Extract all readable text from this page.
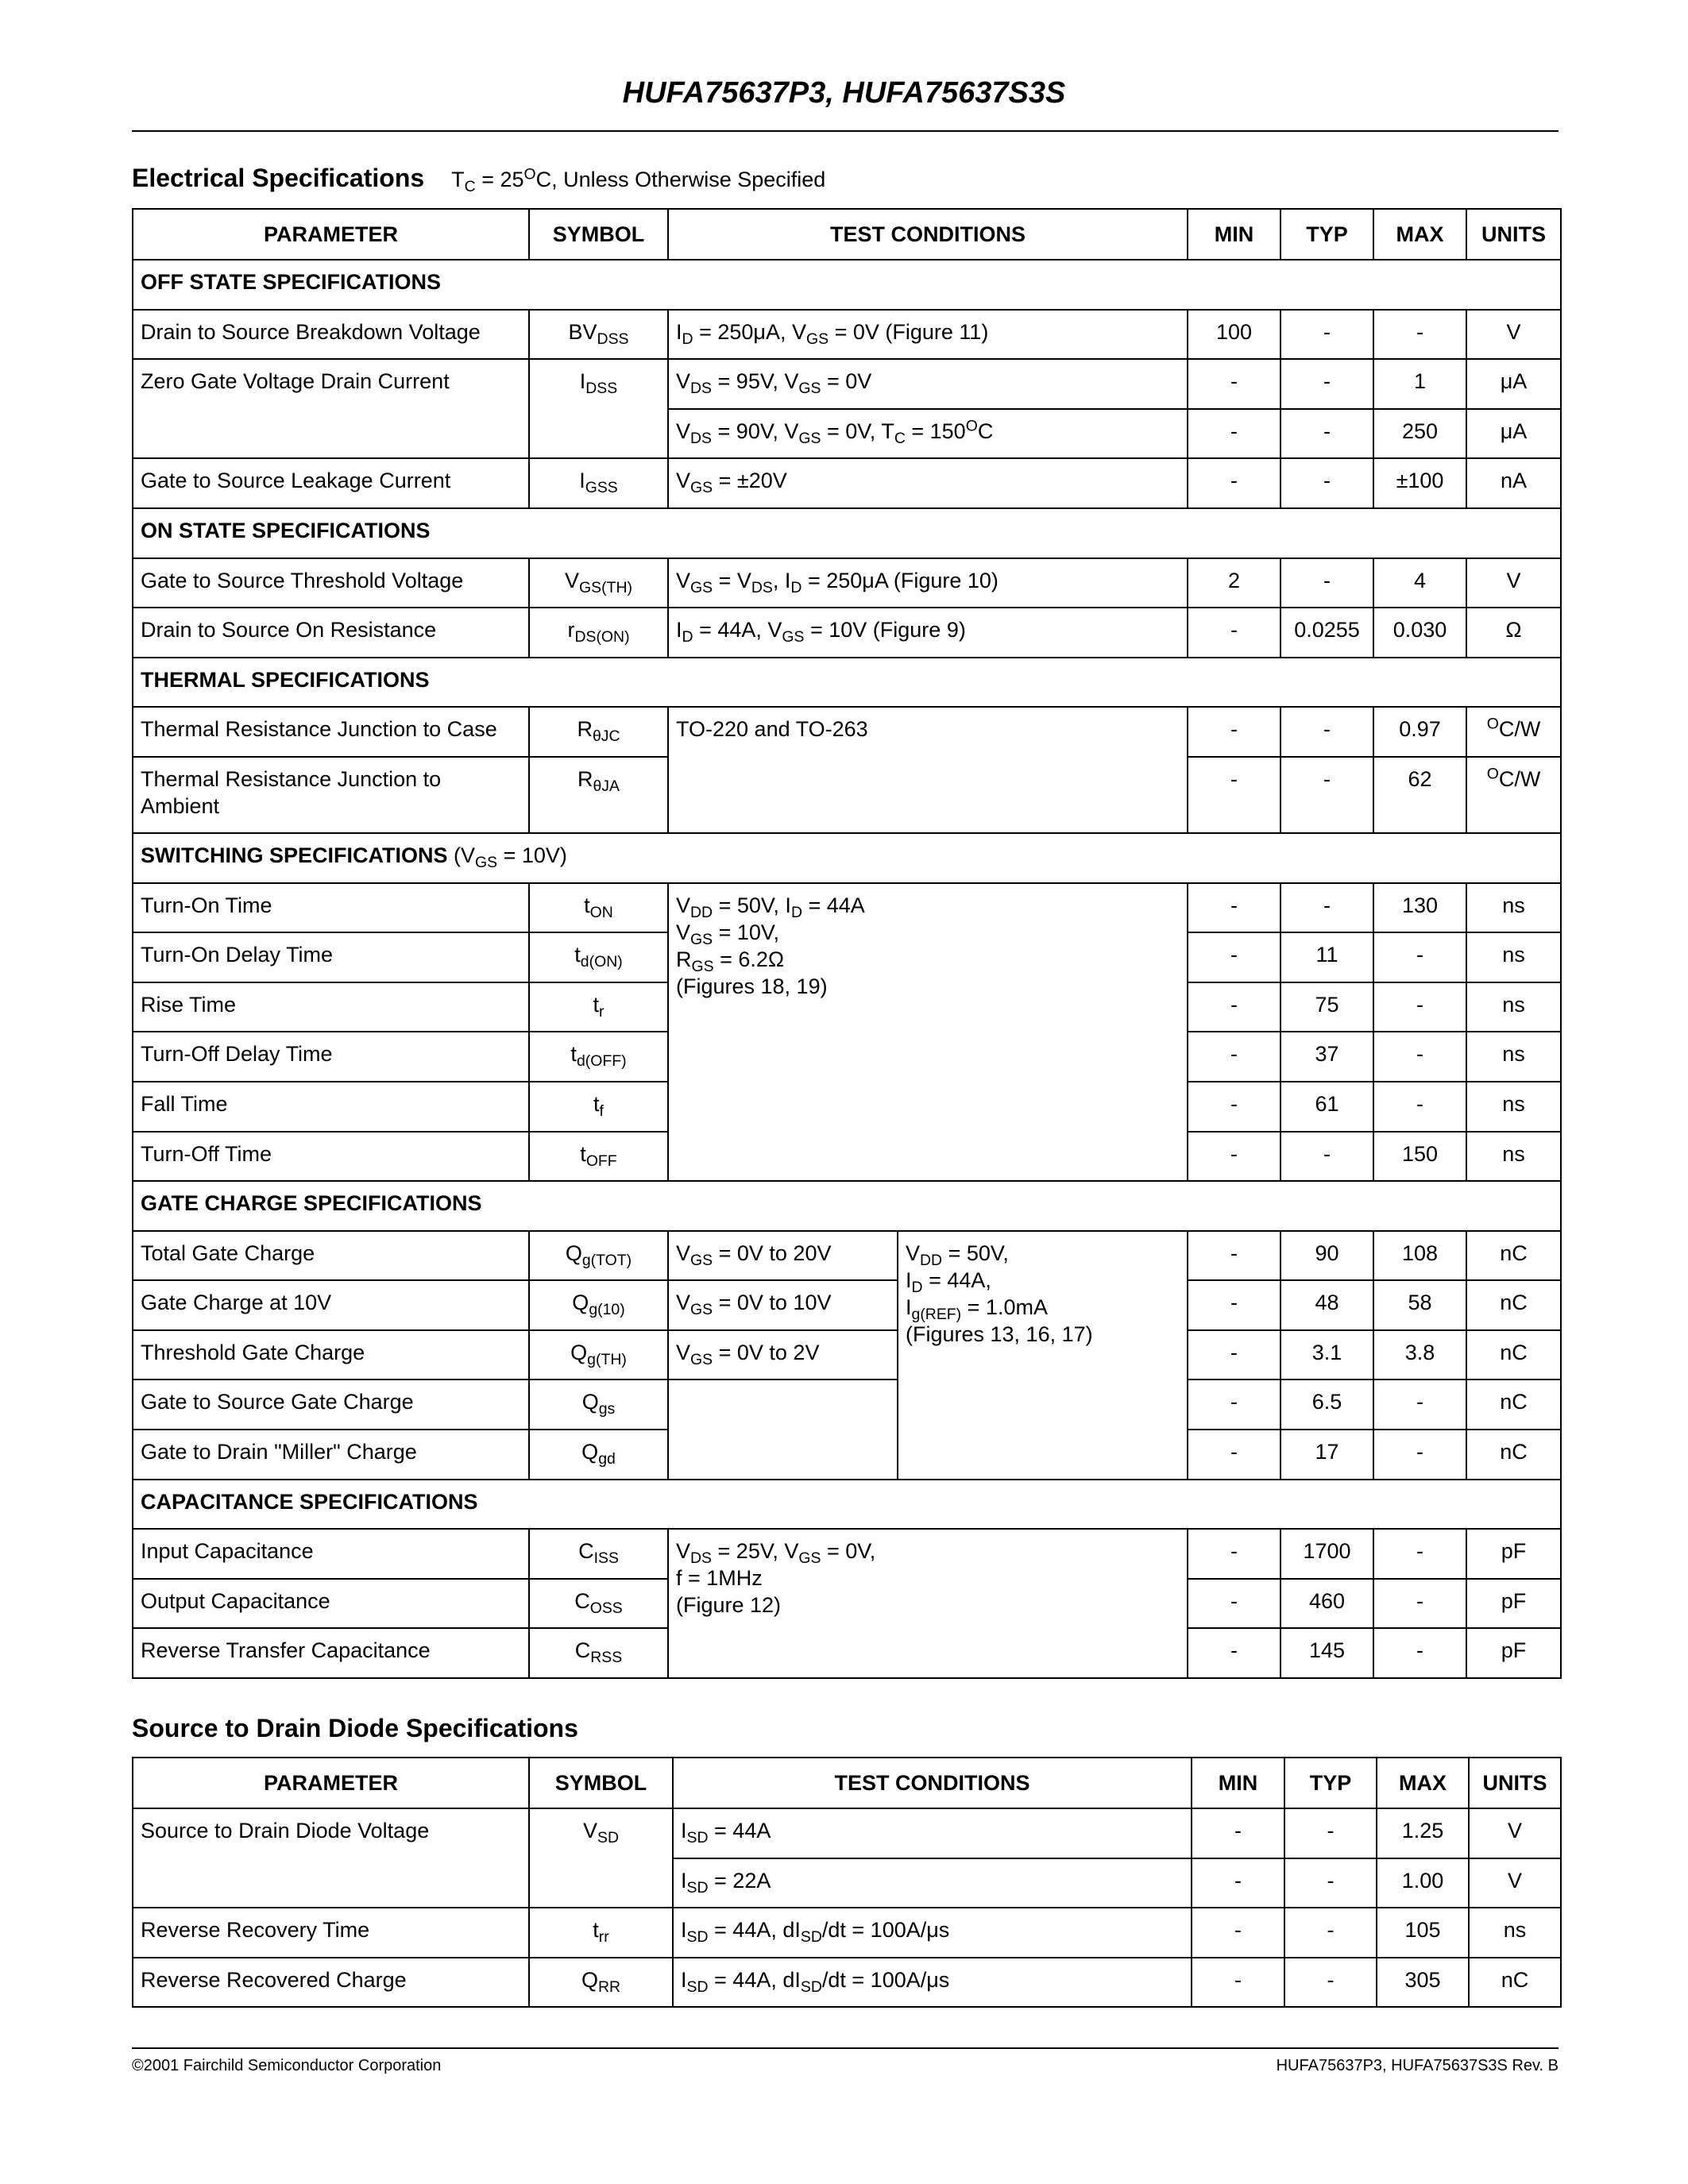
HUFA75637P3, HUFA75637S3S
Electrical Specifications $T_C = 25^OC$, Unless Otherwise Specified
PARAMETER	SYMBOL	TEST CONDITIONS		MIN	TYP	MAX	UNITS
OFF STATE SPECIFICATIONS							
Drain to Source Breakdown Voltage	$BV_{DSS}$	$I_D = 250\mu A$, $V_{GS} = 0V$ (Figure 11)		100	-	-	V
Zero Gate Voltage Drain Current	$I_{DSS}$	$V_{DS} = 95V$, $V_{GS} = 0V$		-	-	1	μA
		$V_{DS} = 90V$, $V_{GS} = 0V$, $T_C = 150^OC$		-	-	250	μA
Gate to Source Leakage Current	$I_{GSS}$	$V_{GS} = \pm 20V$		-	-	±100	nA
ON STATE SPECIFICATIONS							
Gate to Source Threshold Voltage	$V_{GS(TH)}$	$V_{GS} = V_{DS}$, $I_D = 250\mu A$ (Figure 10)		2	-	4	V
Drain to Source On Resistance	$r_{DS(ON)}$	$I_D = 44A$, $V_{GS} = 10V$ (Figure 9)		-	0.0255	0.030	Ω
THERMAL SPECIFICATIONS							
Thermal Resistance Junction to Case	$R_{\theta JC}$	TO-220 and TO-263		-	-	0.97	$^O$C/W
Thermal Resistance Junction to Ambient	$R_{\theta JA}$			-	-	62	$^O$C/W
SWITCHING SPECIFICATIONS $(V_{GS} = 10V)$							
Turn-On Time	$t_{ON}$	$V_{DD} = 50V$, $I_D = 44A$
$V_{GS} = 10V$,
$R_{GS} = 6.2\Omega$
(Figures 18, 19)		-	-	130	ns
Turn-On Delay Time	$t_{d(ON)}$			-	11	-	ns
Rise Time	$t_r$			-	75	-	ns
Turn-Off Delay Time	$t_{d(OFF)}$			-	37	-	ns
Fall Time	$t_f$			-	61	-	ns
Turn-Off Time	$t_{OFF}$			-	-	150	ns
GATE CHARGE SPECIFICATIONS							
Total Gate Charge	$Q_{g(TOT)}$	$V_{GS} = 0V$ to 20V	$V_{DD} = 50V$,
$I_D = 44A$,
$I_{g(REF)} = 1.0mA$
(Figures 13, 16, 17)	-	90	108	nC
Gate Charge at 10V	$Q_{g(10)}$	$V_{GS} = 0V$ to 10V		-	48	58	nC
Threshold Gate Charge	$Q_{g(TH)}$	$V_{GS} = 0V$ to 2V		-	3.1	3.8	nC
Gate to Source Gate Charge	$Q_{gs}$			-	6.5	-	nC
Gate to Drain "Miller" Charge	$Q_{gd}$			-	17	-	nC
CAPACITANCE SPECIFICATIONS							
Input Capacitance	$C_{ISS}$	$V_{DS} = 25V$, $V_{GS} = 0V$,
f = 1MHz
(Figure 12)		-	1700	-	pF
Output Capacitance	$C_{OSS}$			-	460	-	pF
Reverse Transfer Capacitance	$C_{RSS}$			-	145	-	pF
Source to Drain Diode Specifications
PARAMETER	SYMBOL	TEST CONDITIONS	MIN	TYP	MAX	UNITS
Source to Drain Diode Voltage	$V_{SD}$	$I_{SD} = 44A$	-	-	1.25	V
		$I_{SD} = 22A$	-	-	1.00	V
Reverse Recovery Time	$t_{rr}$	$I_{SD} = 44A$, $dI_{SD}/dt = 100A/\mu s$	-	-	105	ns
Reverse Recovered Charge	$Q_{RR}$	$I_{SD} = 44A$, $dI_{SD}/dt = 100A/\mu s$	-	-	305	nC
©2001 Fairchild Semiconductor Corporation	HUFA75637P3, HUFA75637S3S Rev. B
